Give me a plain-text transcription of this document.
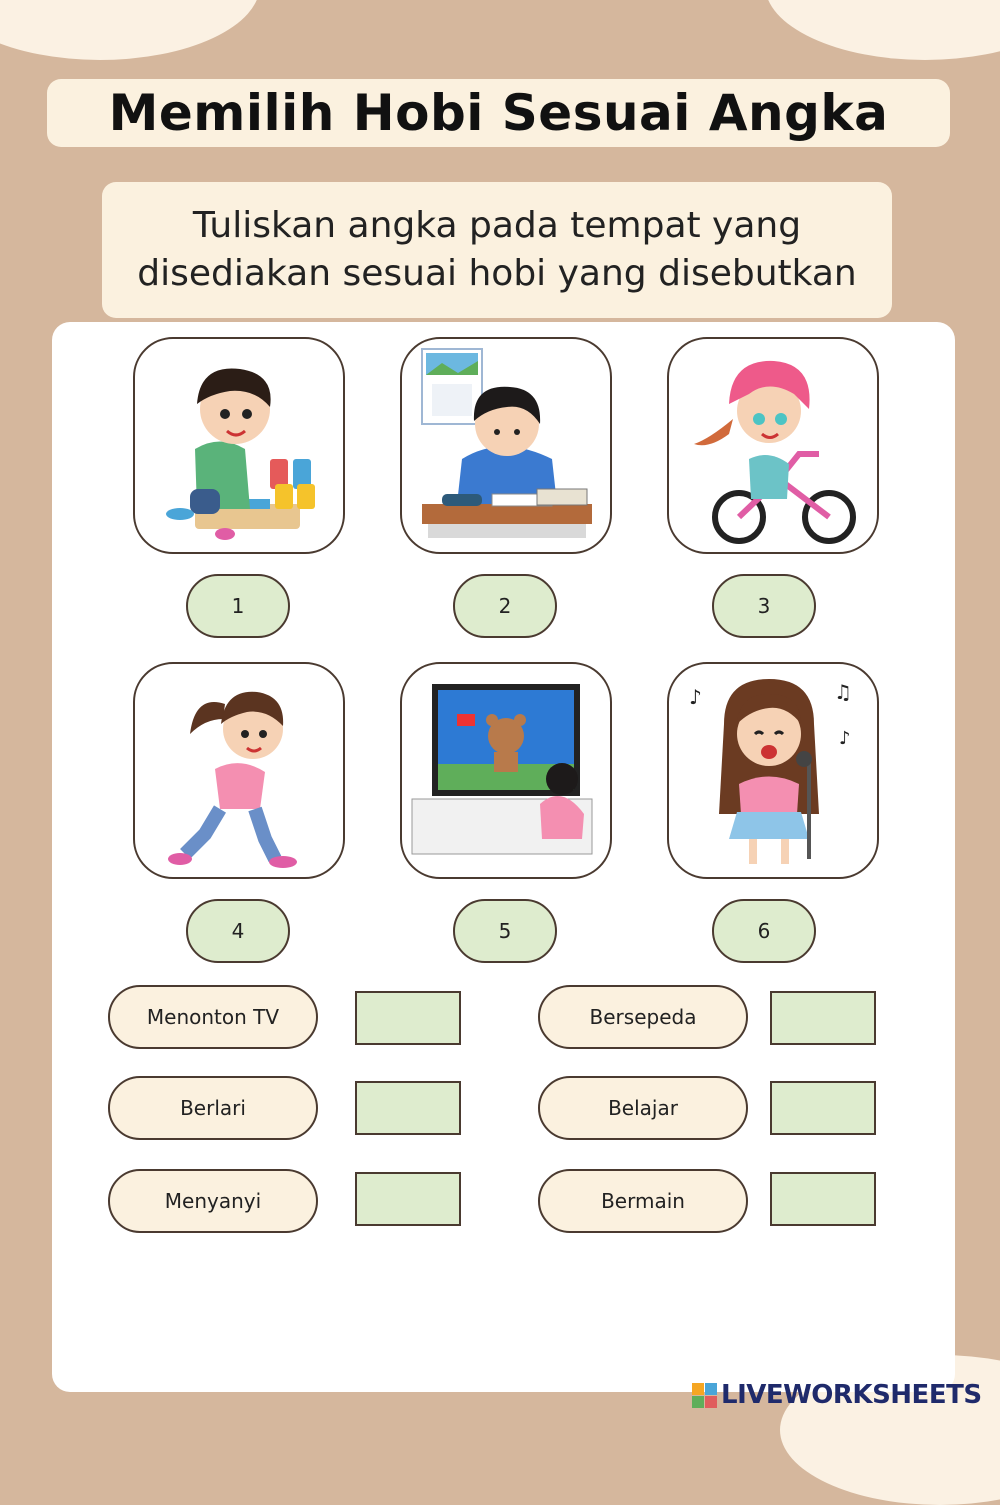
Memilih Hobi Sesuai Angka
Tuliskan angka pada tempat yang
disediakan sesuai hobi yang disebutkan
1	2	3
♪	♫
♪
4	5	6
Menonton TV	Bersepeda
Berlari	Belajar
Menyanyi	Bermain
LIVEWORKSHEETS
